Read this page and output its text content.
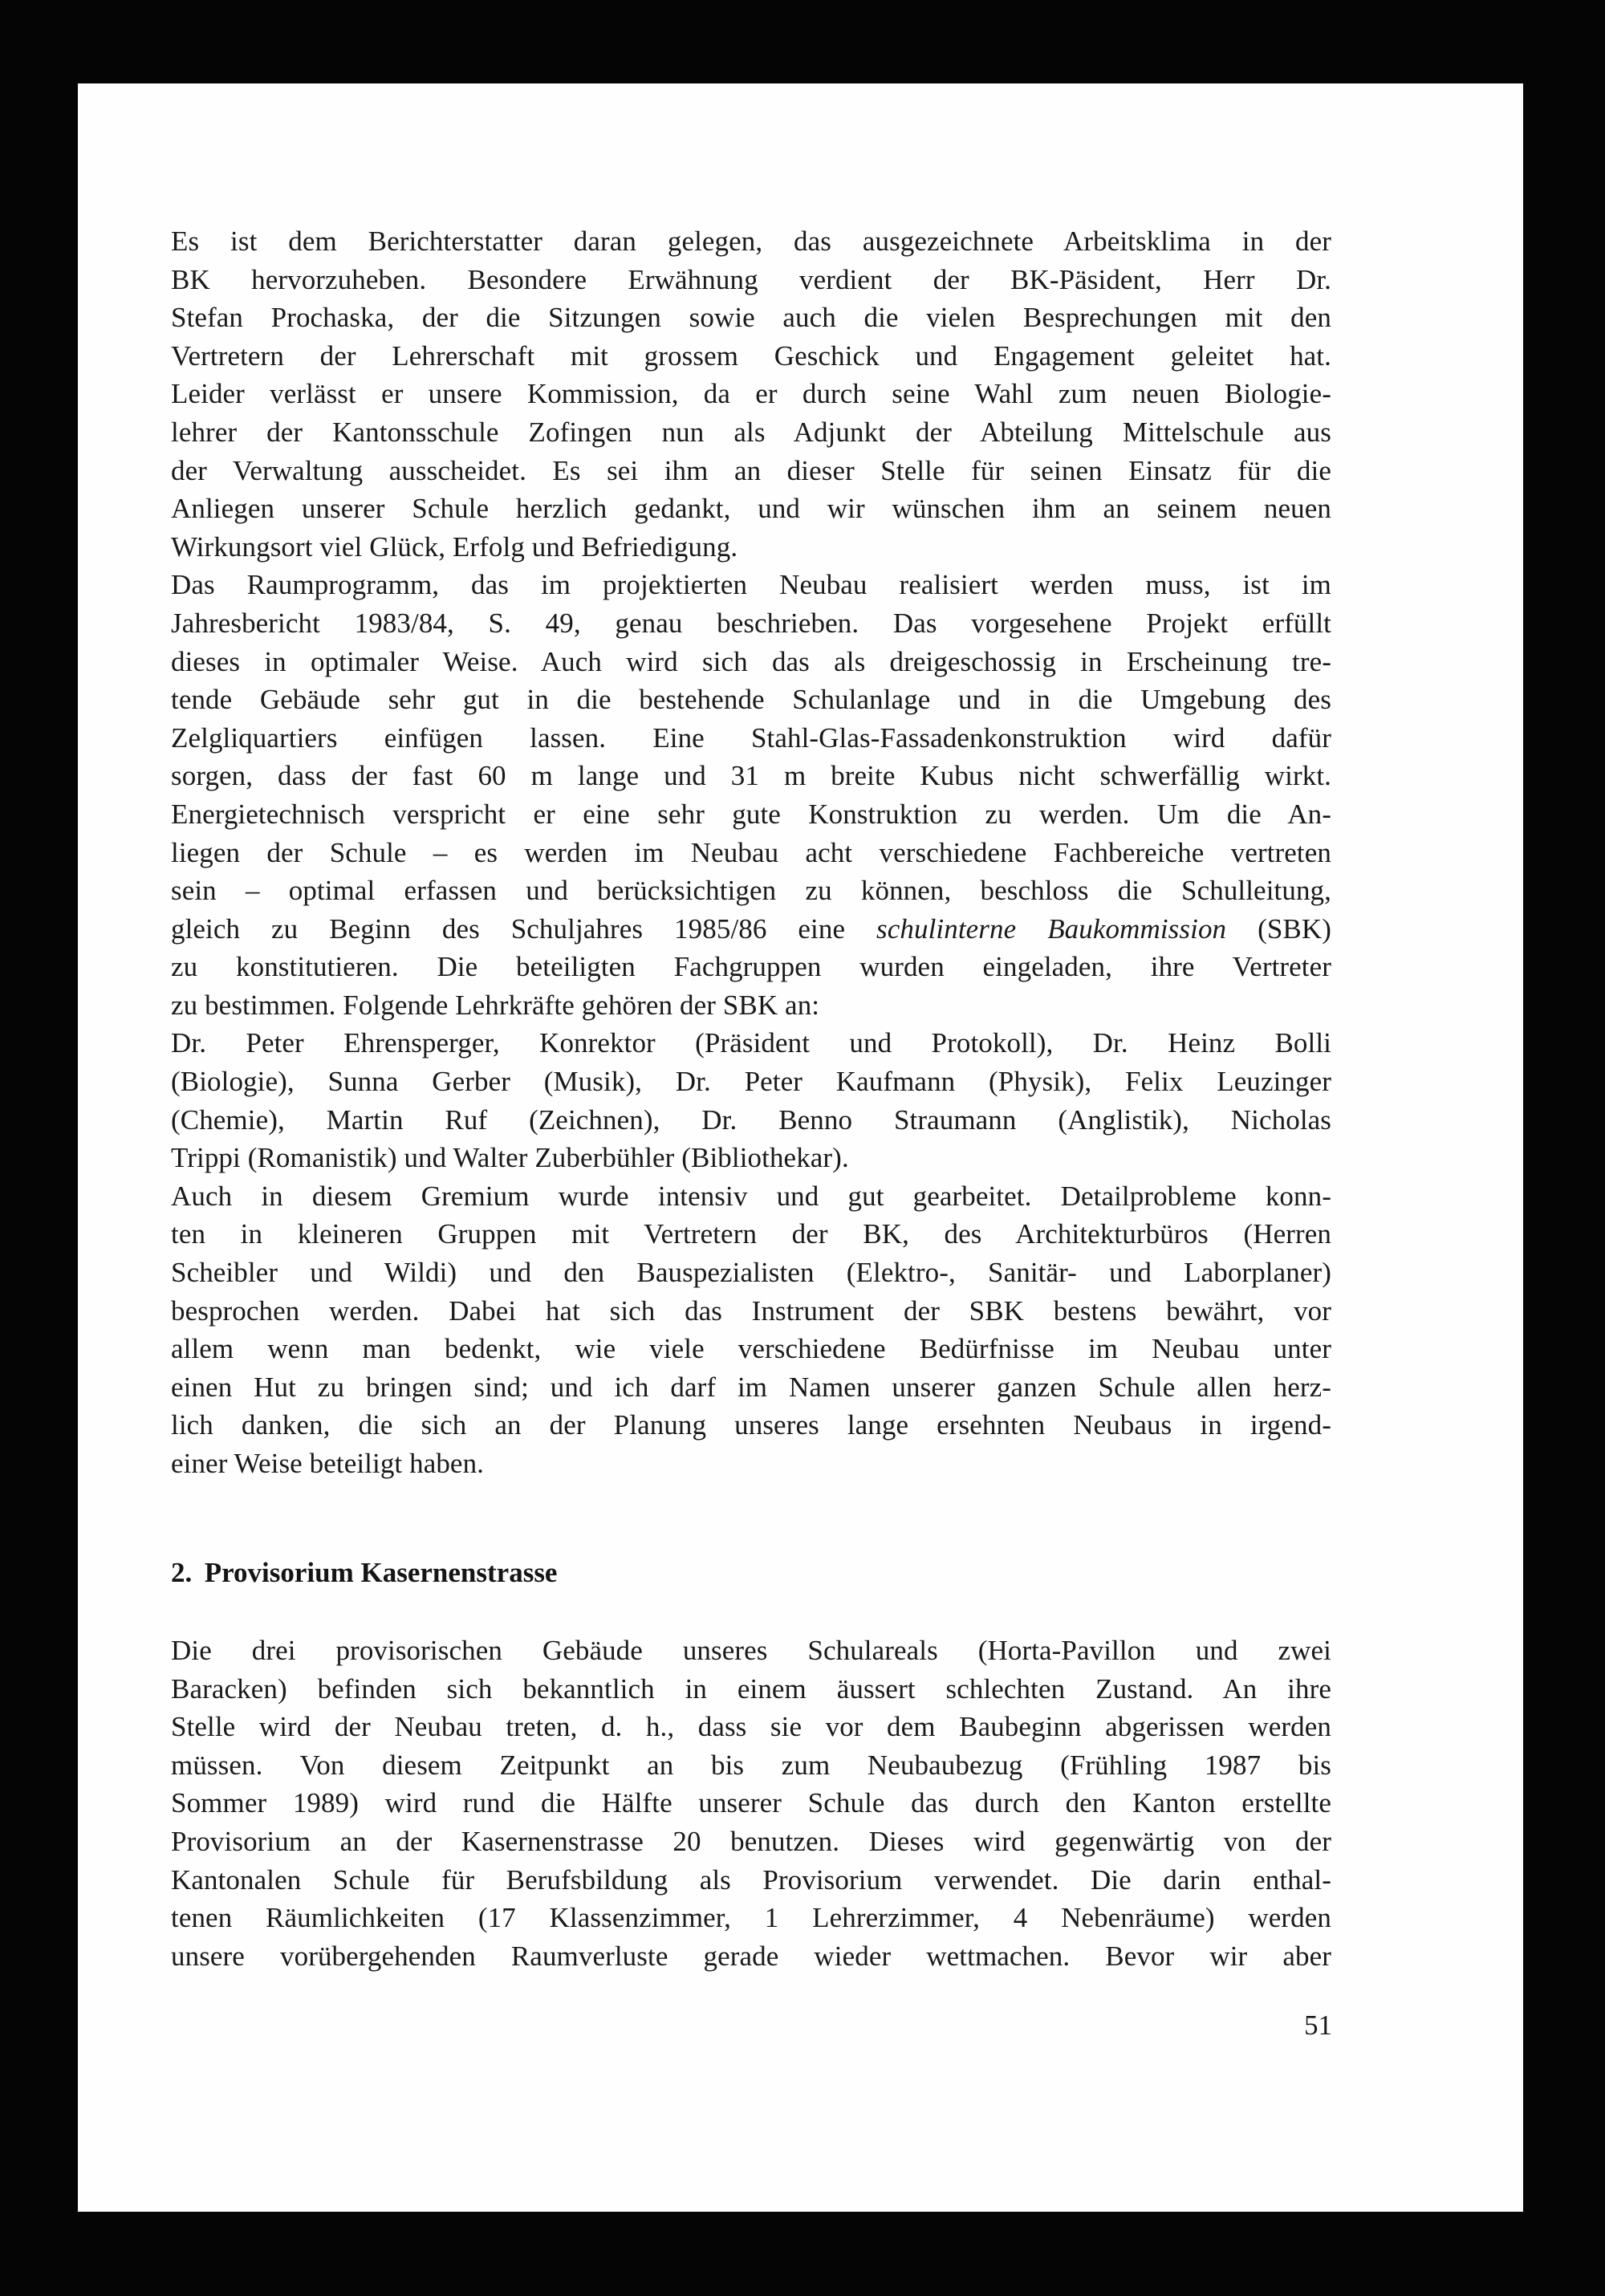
Es ist dem Berichterstatter daran gelegen, das ausgezeichnete Arbeitsklima in der
BK hervorzuheben. Besondere Erwähnung verdient der BK-Päsident, Herr Dr.
Stefan Prochaska, der die Sitzungen sowie auch die vielen Besprechungen mit den
Vertretern der Lehrerschaft mit grossem Geschick und Engagement geleitet hat.
Leider verlässt er unsere Kommission, da er durch seine Wahl zum neuen Biologie-
lehrer der Kantonsschule Zofingen nun als Adjunkt der Abteilung Mittelschule aus
der Verwaltung ausscheidet. Es sei ihm an dieser Stelle für seinen Einsatz für die
Anliegen unserer Schule herzlich gedankt, und wir wünschen ihm an seinem neuen
Wirkungsort viel Glück, Erfolg und Befriedigung.
Das Raumprogramm, das im projektierten Neubau realisiert werden muss, ist im
Jahresbericht 1983/84, S. 49, genau beschrieben. Das vorgesehene Projekt erfüllt
dieses in optimaler Weise. Auch wird sich das als dreigeschossig in Erscheinung tre-
tende Gebäude sehr gut in die bestehende Schulanlage und in die Umgebung des
Zelgliquartiers einfügen lassen. Eine Stahl-Glas-Fassadenkonstruktion wird dafür
sorgen, dass der fast 60 m lange und 31 m breite Kubus nicht schwerfällig wirkt.
Energietechnisch verspricht er eine sehr gute Konstruktion zu werden. Um die An-
liegen der Schule – es werden im Neubau acht verschiedene Fachbereiche vertreten
sein – optimal erfassen und berücksichtigen zu können, beschloss die Schulleitung,
gleich zu Beginn des Schuljahres 1985/86 eine schulinterne Baukommission (SBK)
zu konstitutieren. Die beteiligten Fachgruppen wurden eingeladen, ihre Vertreter
zu bestimmen. Folgende Lehrkräfte gehören der SBK an:
Dr. Peter Ehrensperger, Konrektor (Präsident und Protokoll), Dr. Heinz Bolli
(Biologie), Sunna Gerber (Musik), Dr. Peter Kaufmann (Physik), Felix Leuzinger
(Chemie), Martin Ruf (Zeichnen), Dr. Benno Straumann (Anglistik), Nicholas
Trippi (Romanistik) und Walter Zuberbühler (Bibliothekar).
Auch in diesem Gremium wurde intensiv und gut gearbeitet. Detailprobleme konn-
ten in kleineren Gruppen mit Vertretern der BK, des Architekturbüros (Herren
Scheibler und Wildi) und den Bauspezialisten (Elektro-, Sanitär- und Laborplaner)
besprochen werden. Dabei hat sich das Instrument der SBK bestens bewährt, vor
allem wenn man bedenkt, wie viele verschiedene Bedürfnisse im Neubau unter
einen Hut zu bringen sind; und ich darf im Namen unserer ganzen Schule allen herz-
lich danken, die sich an der Planung unseres lange ersehnten Neubaus in irgend-
einer Weise beteiligt haben.
2. Provisorium Kasernenstrasse
Die drei provisorischen Gebäude unseres Schulareals (Horta-Pavillon und zwei
Baracken) befinden sich bekanntlich in einem äussert schlechten Zustand. An ihre
Stelle wird der Neubau treten, d. h., dass sie vor dem Baubeginn abgerissen werden
müssen. Von diesem Zeitpunkt an bis zum Neubaubezug (Frühling 1987 bis
Sommer 1989) wird rund die Hälfte unserer Schule das durch den Kanton erstellte
Provisorium an der Kasernenstrasse 20 benutzen. Dieses wird gegenwärtig von der
Kantonalen Schule für Berufsbildung als Provisorium verwendet. Die darin enthal-
tenen Räumlichkeiten (17 Klassenzimmer, 1 Lehrerzimmer, 4 Nebenräume) werden
unsere vorübergehenden Raumverluste gerade wieder wettmachen. Bevor wir aber
51
